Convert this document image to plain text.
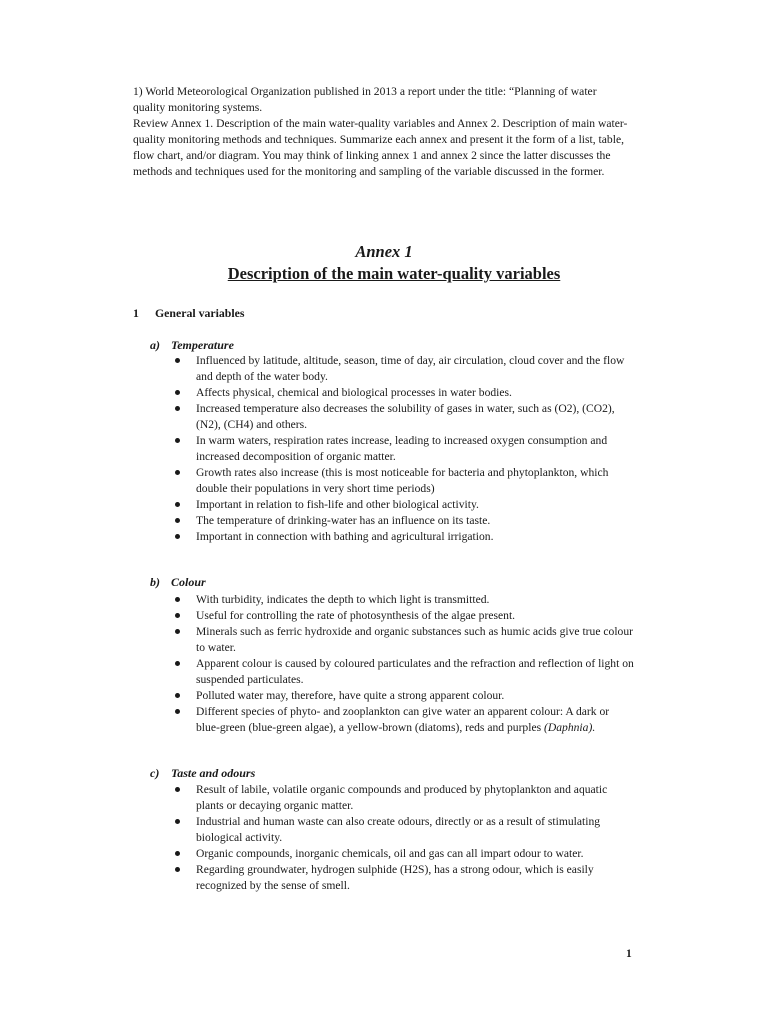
1) World Meteorological Organization published in 2013 a report under the title: “Planning of water quality monitoring systems.

Review Annex 1. Description of the main water-quality variables and Annex 2. Description of main water-quality monitoring methods and techniques. Summarize each annex and present it the form of a list, table, flow chart, and/or diagram. You may think of linking annex 1 and annex 2 since the latter discusses the methods and techniques used for the monitoring and sampling of the variable discussed in the former.

Annex 1
Description of the main water-quality variables
1	General variables
a) Temperature
Influenced by latitude, altitude, season, time of day, air circulation, cloud cover and the flow and depth of the water body.
Affects physical, chemical and biological processes in water bodies.
Increased temperature also decreases the solubility of gases in water, such as (O2), (CO2), (N2), (CH4) and others.
In warm waters, respiration rates increase, leading to increased oxygen consumption and increased decomposition of organic matter.
Growth rates also increase (this is most noticeable for bacteria and phytoplankton, which double their populations in very short time periods)
Important in relation to fish-life and other biological activity.
The temperature of drinking-water has an influence on its taste.
Important in connection with bathing and agricultural irrigation.
b) Colour
With turbidity, indicates the depth to which light is transmitted.
Useful for controlling the rate of photosynthesis of the algae present.
Minerals such as ferric hydroxide and organic substances such as humic acids give true colour to water.
Apparent colour is caused by coloured particulates and the refraction and reflection of light on suspended particulates.
Polluted water may, therefore, have quite a strong apparent colour.
Different species of phyto- and zooplankton can give water an apparent colour: A dark or blue-green (blue-green algae), a yellow-brown (diatoms), reds and purples (Daphnia).
c) Taste and odours
Result of labile, volatile organic compounds and produced by phytoplankton and aquatic plants or decaying organic matter.
Industrial and human waste can also create odours, directly or as a result of stimulating biological activity.
Organic compounds, inorganic chemicals, oil and gas can all impart odour to water.
Regarding groundwater, hydrogen sulphide (H2S), has a strong odour, which is easily recognized by the sense of smell.
1
